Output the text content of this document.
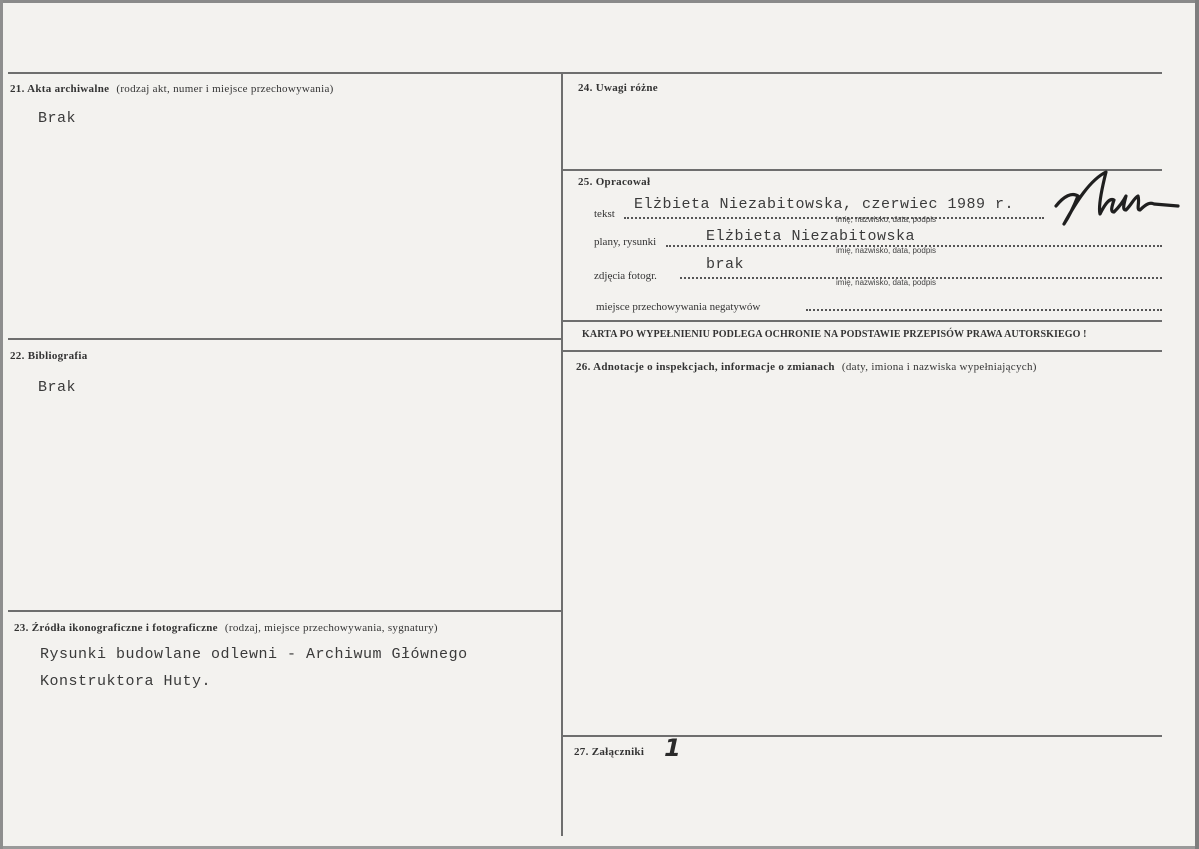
21. Akta archiwalne (rodzaj akt, numer i miejsce przechowywania)
Brak
22. Bibliografia
Brak
23. Źródła ikonograficzne i fotograficzne (rodzaj, miejsce przechowywania, sygnatury)
Rysunki budowlane odlewni - Archiwum Głównego
Konstruktora Huty.
24. Uwagi różne
25. Opracował
tekst
Elżbieta Niezabitowska, czerwiec 1989 r.
imię, nazwisko, data, podpis
plany, rysunki	Elżbieta Niezabitowska
imię, nazwisko, data, podpis
zdjęcia fotogr.
brak
imię, nazwisko, data, podpis
miejsce przechowywania negatywów
KARTA PO WYPEŁNIENIU PODLEGA OCHRONIE NA PODSTAWIE PRZEPISÓW PRAWA AUTORSKIEGO !
26. Adnotacje o inspekcjach, informacje o zmianach (daty, imiona i nazwiska wypełniających)
27. Załączniki 1
